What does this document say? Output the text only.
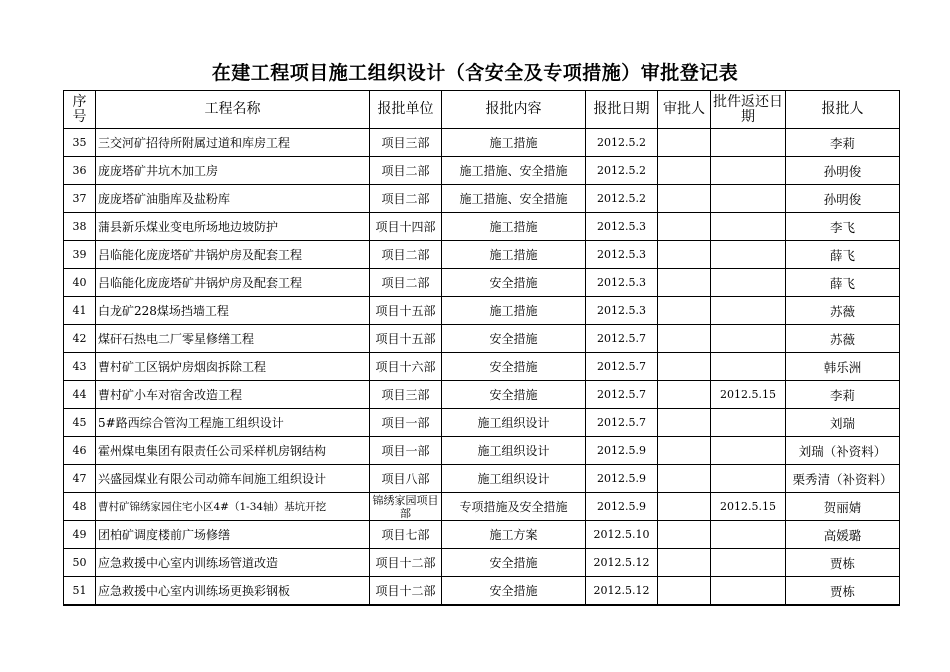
在建工程项目施工组织设计（含安全及专项措施）审批登记表
序号	工程名称	报批单位	报批内容	报批日期	审批人	批件返还日期	报批人
35	三交河矿招待所附属过道和库房工程	项目三部	施工措施	2012.5.2			李莉
36	庞庞塔矿井坑木加工房	项目二部	施工措施、安全措施	2012.5.2			孙明俊
37	庞庞塔矿油脂库及盐粉库	项目二部	施工措施、安全措施	2012.5.2			孙明俊
38	蒲县新乐煤业变电所场地边坡防护	项目十四部	施工措施	2012.5.3			李飞
39	吕临能化庞庞塔矿井锅炉房及配套工程	项目二部	施工措施	2012.5.3			薛飞
40	吕临能化庞庞塔矿井锅炉房及配套工程	项目二部	安全措施	2012.5.3			薛飞
41	白龙矿228煤场挡墙工程	项目十五部	施工措施	2012.5.3			苏薇
42	煤矸石热电二厂零星修缮工程	项目十五部	安全措施	2012.5.7			苏薇
43	曹村矿工区锅炉房烟囱拆除工程	项目十六部	安全措施	2012.5.7			韩乐洲
44	曹村矿小车对宿舍改造工程	项目三部	安全措施	2012.5.7		2012.5.15	李莉
45	5#路西综合管沟工程施工组织设计	项目一部	施工组织设计	2012.5.7			刘瑞
46	霍州煤电集团有限责任公司采样机房钢结构	项目一部	施工组织设计	2012.5.9			刘瑞（补资料）
47	兴盛园煤业有限公司动筛车间施工组织设计	项目八部	施工组织设计	2012.5.9			栗秀清（补资料）
48	曹村矿锦绣家园住宅小区4#（1-34轴）基坑开挖	锦绣家园项目部	专项措施及安全措施	2012.5.9		2012.5.15	贺丽婧
49	团柏矿调度楼前广场修缮	项目七部	施工方案	2012.5.10			高媛璐
50	应急救援中心室内训练场管道改造	项目十二部	安全措施	2012.5.12			贾栋
51	应急救援中心室内训练场更换彩钢板	项目十二部	安全措施	2012.5.12			贾栋
